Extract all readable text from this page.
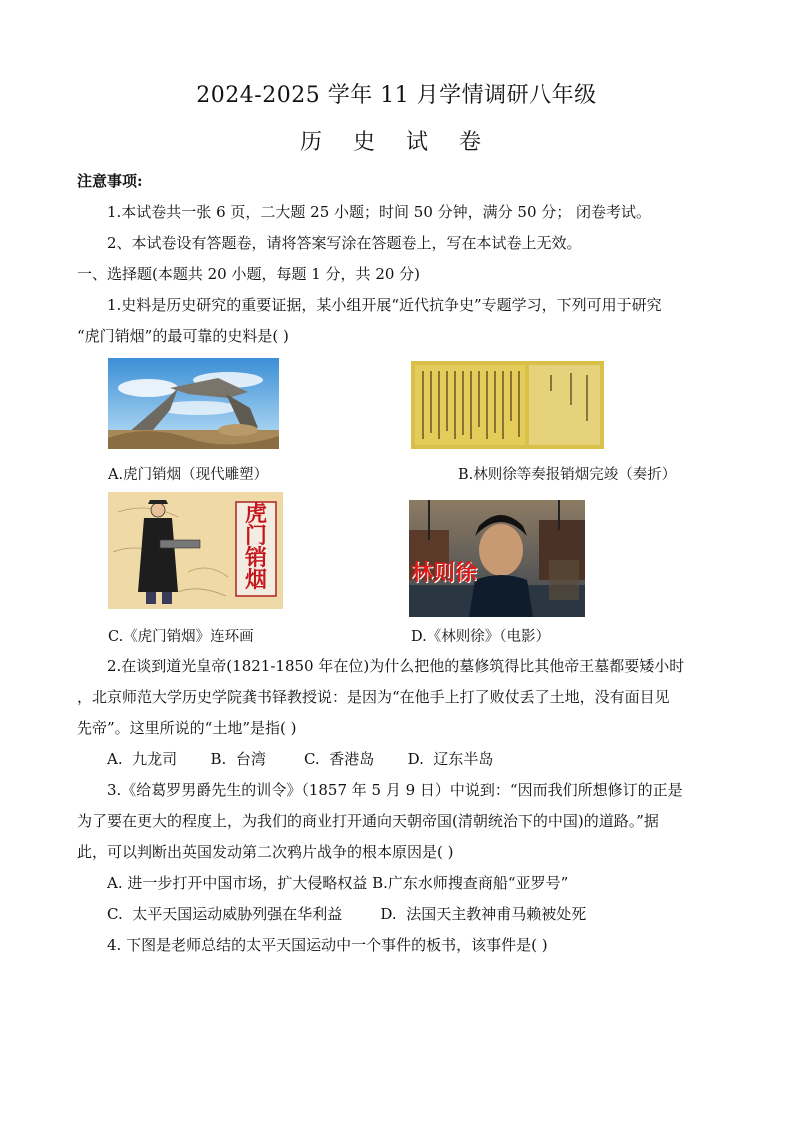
2024-2025 学年 11 月学情调研八年级
历 史 试 卷
注意事项:
1.本试卷共一张 6 页，二大题 25 小题；时间 50 分钟，满分 50 分； 闭卷考试。
2、本试卷设有答题卷，请将答案写涂在答题卷上，写在本试卷上无效。
一、选择题(本题共 20 小题，每题 1 分，共 20 分)
1.史料是历史研究的重要证据，某小组开展“近代抗争史”专题学习，下列可用于研究
“虎门销烟”的最可靠的史料是( )
A.虎门销烟（现代雕塑）	B.林则徐等奏报销烟完竣（奏折）
虎门销烟	林则徐
C.《虎门销烟》连环画	D.《林则徐》（电影）
2.在谈到道光皇帝(1821-1850 年在位)为什么把他的墓修筑得比其他帝王墓都要矮小时
，北京师范大学历史学院龚书铎教授说：是因为“在他手上打了败仗丢了土地，没有面目见
先帝”。这里所说的“土地”是指( )
A.  九龙司       B.  台湾        C.  香港岛       D.  辽东半岛
3.《给葛罗男爵先生的训令》（1857 年 5 月 9 日）中说到：“因而我们所想修订的正是
为了要在更大的程度上，为我们的商业打开通向天朝帝国(清朝统治下的中国)的道路。”据
此，可以判断出英国发动第二次鸦片战争的根本原因是( )
A. 进一步打开中国市场，扩大侵略权益 B.广东水师搜查商船“亚罗号”
C.  太平天国运动威胁列强在华利益        D.  法国天主教神甫马赖被处死
4. 下图是老师总结的太平天国运动中一个事件的板书，该事件是( )
